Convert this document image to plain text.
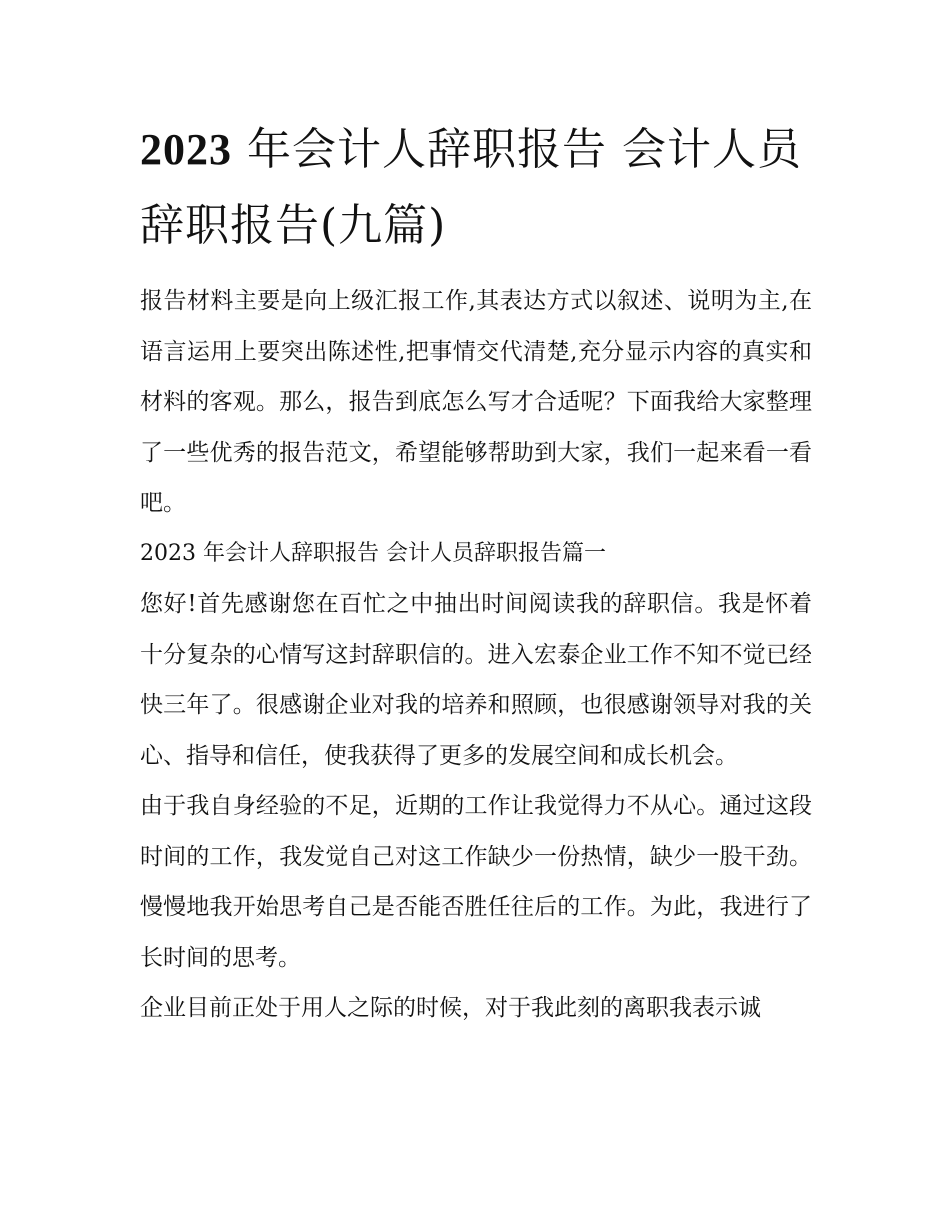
2023 年会计人辞职报告 会计人员辞职报告(九篇)

报告材料主要是向上级汇报工作,其表达方式以叙述、说明为主,在语言运用上要突出陈述性,把事情交代清楚,充分显示内容的真实和材料的客观。那么，报告到底怎么写才合适呢？下面我给大家整理了一些优秀的报告范文，希望能够帮助到大家，我们一起来看一看吧。

2023 年会计人辞职报告 会计人员辞职报告篇一

您好!首先感谢您在百忙之中抽出时间阅读我的辞职信。我是怀着十分复杂的心情写这封辞职信的。进入宏泰企业工作不知不觉已经快三年了。很感谢企业对我的培养和照顾，也很感谢领导对我的关心、指导和信任，使我获得了更多的发展空间和成长机会。

由于我自身经验的不足，近期的工作让我觉得力不从心。通过这段时间的工作，我发觉自己对这工作缺少一份热情，缺少一股干劲。慢慢地我开始思考自己是否能否胜任往后的工作。为此，我进行了长时间的思考。

企业目前正处于用人之际的时候，对于我此刻的离职我表示诚
